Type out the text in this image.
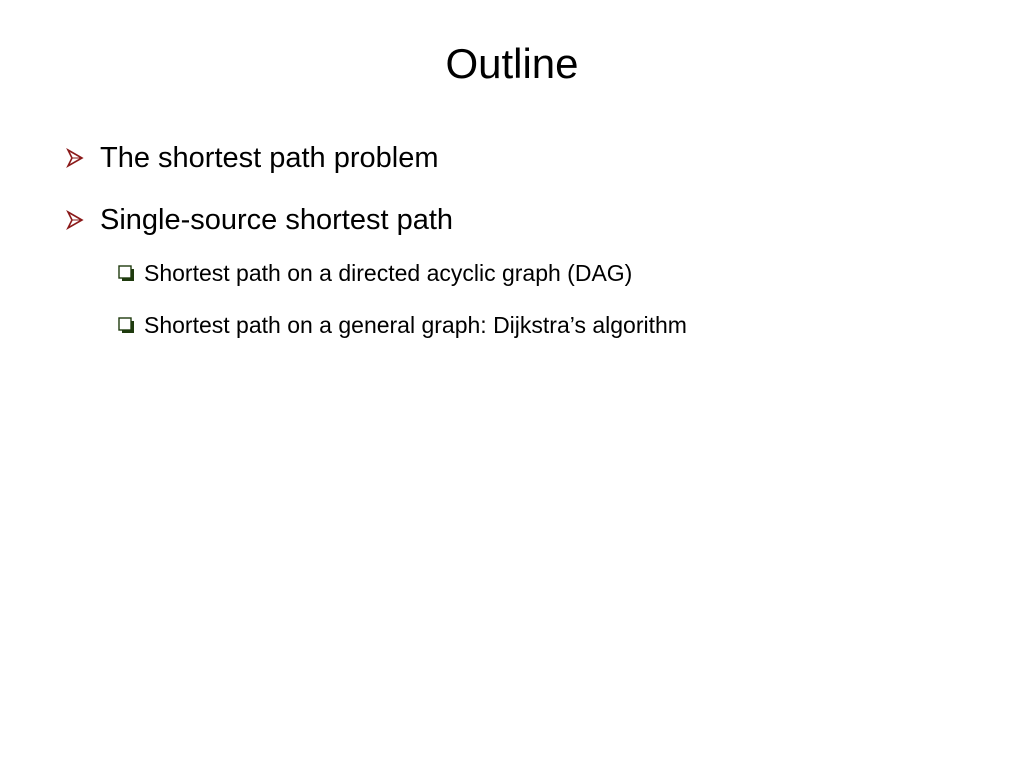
Outline
The shortest path problem
Single-source shortest path
Shortest path on a directed acyclic graph (DAG)
Shortest path on a general graph: Dijkstra’s algorithm
